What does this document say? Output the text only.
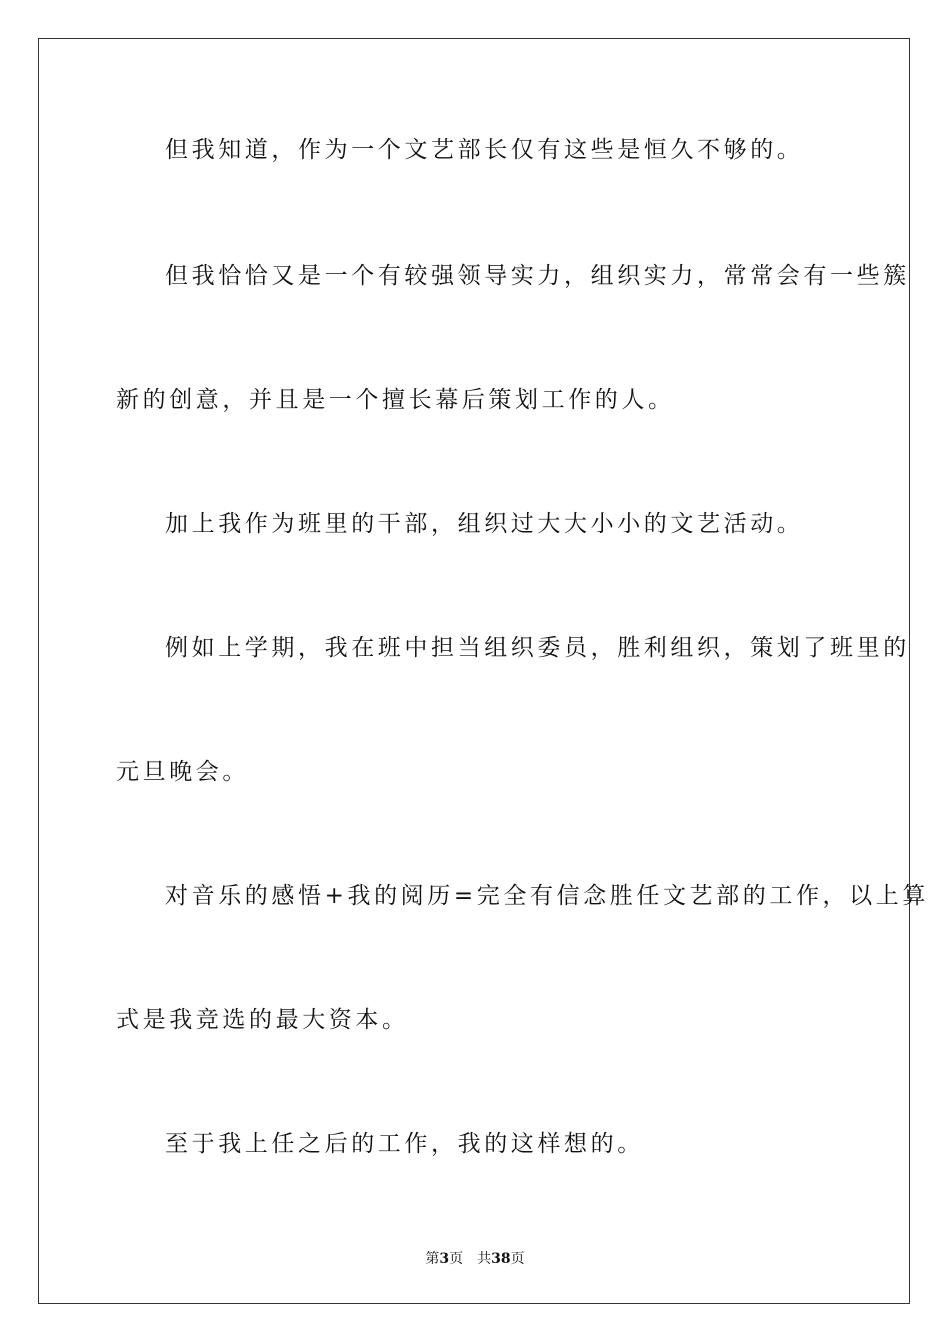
但我知道，作为一个文艺部长仅有这些是恒久不够的。
但我恰恰又是一个有较强领导实力，组织实力，常常会有一些簇
新的创意，并且是一个擅长幕后策划工作的人。
加上我作为班里的干部，组织过大大小小的文艺活动。
例如上学期，我在班中担当组织委员，胜利组织，策划了班里的
元旦晚会。
对音乐的感悟+我的阅历=完全有信念胜任文艺部的工作，以上算
式是我竞选的最大资本。
至于我上任之后的工作，我的这样想的。
第3页 共38页
